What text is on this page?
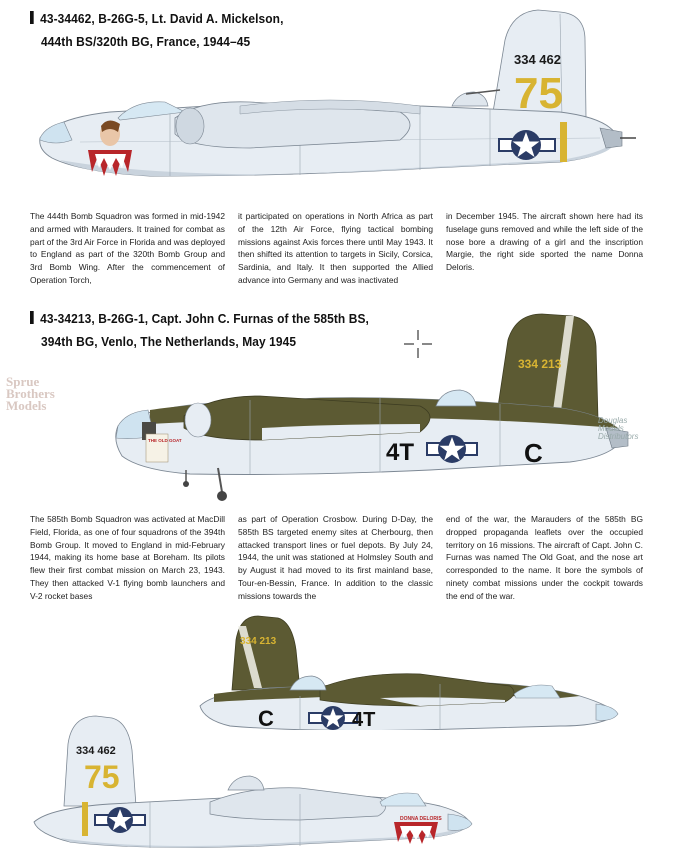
43-34462, B-26G-5, Lt. David A. Mickelson,
444th BS/320th BG, France, 1944–45
334 462
75
The 444th Bomb Squadron was formed in mid-1942 and armed with Marauders. It trained for combat as part of the 3rd Air Force in Florida and was deployed to England as part of the 320th Bomb Group and 3rd Bomb Wing. After the commencement of Operation Torch,
it participated on operations in North Africa as part of the 12th Air Force, flying tactical bombing missions against Axis forces there until May 1943. It then shifted its attention to targets in Sicily, Corsica, Sardinia, and Italy. It then supported the Allied advance into Germany and was inactivated
in December 1945. The aircraft shown here had its fuselage guns removed and while the left side of the nose bore a drawing of a girl and the inscription Margie, the right side sported the name Donna Deloris.
43-34213, B-26G-1, Capt. John C. Furnas of the 585th BS,
394th BG, Venlo, The Netherlands, May 1945
THE OLD GOAT	4T	C
334 213
Sprue
Brothers
Models
Douglas
Models
Distributors
The 585th Bomb Squadron was activated at MacDill Field, Florida, as one of four squadrons of the 394th Bomb Group. It moved to England in mid-February 1944, making its home base at Boreham. Its pilots flew their first combat mission on March 23, 1943. They then attacked V-1 flying bomb launchers and V-2 rocket bases
as part of Operation Crosbow. During D-Day, the 585th BS targeted enemy sites at Cherbourg, then attacked transport lines or fuel depots. By July 24, 1944, the unit was stationed at Holmsley South and by August it had moved to its first mainland base, Tour-en-Bessin, France. In addition to the classic missions towards the
end of the war, the Marauders of the 585th BG dropped propaganda leaflets over the occupied territory on 16 missions. The aircraft of Capt. John C. Furnas was named The Old Goat, and the nose art corresponded to the name. It bore the symbols of ninety combat missions under the cockpit towards the end of the war.
C	4T
334 213
DONNA DELORIS
334 462
75
